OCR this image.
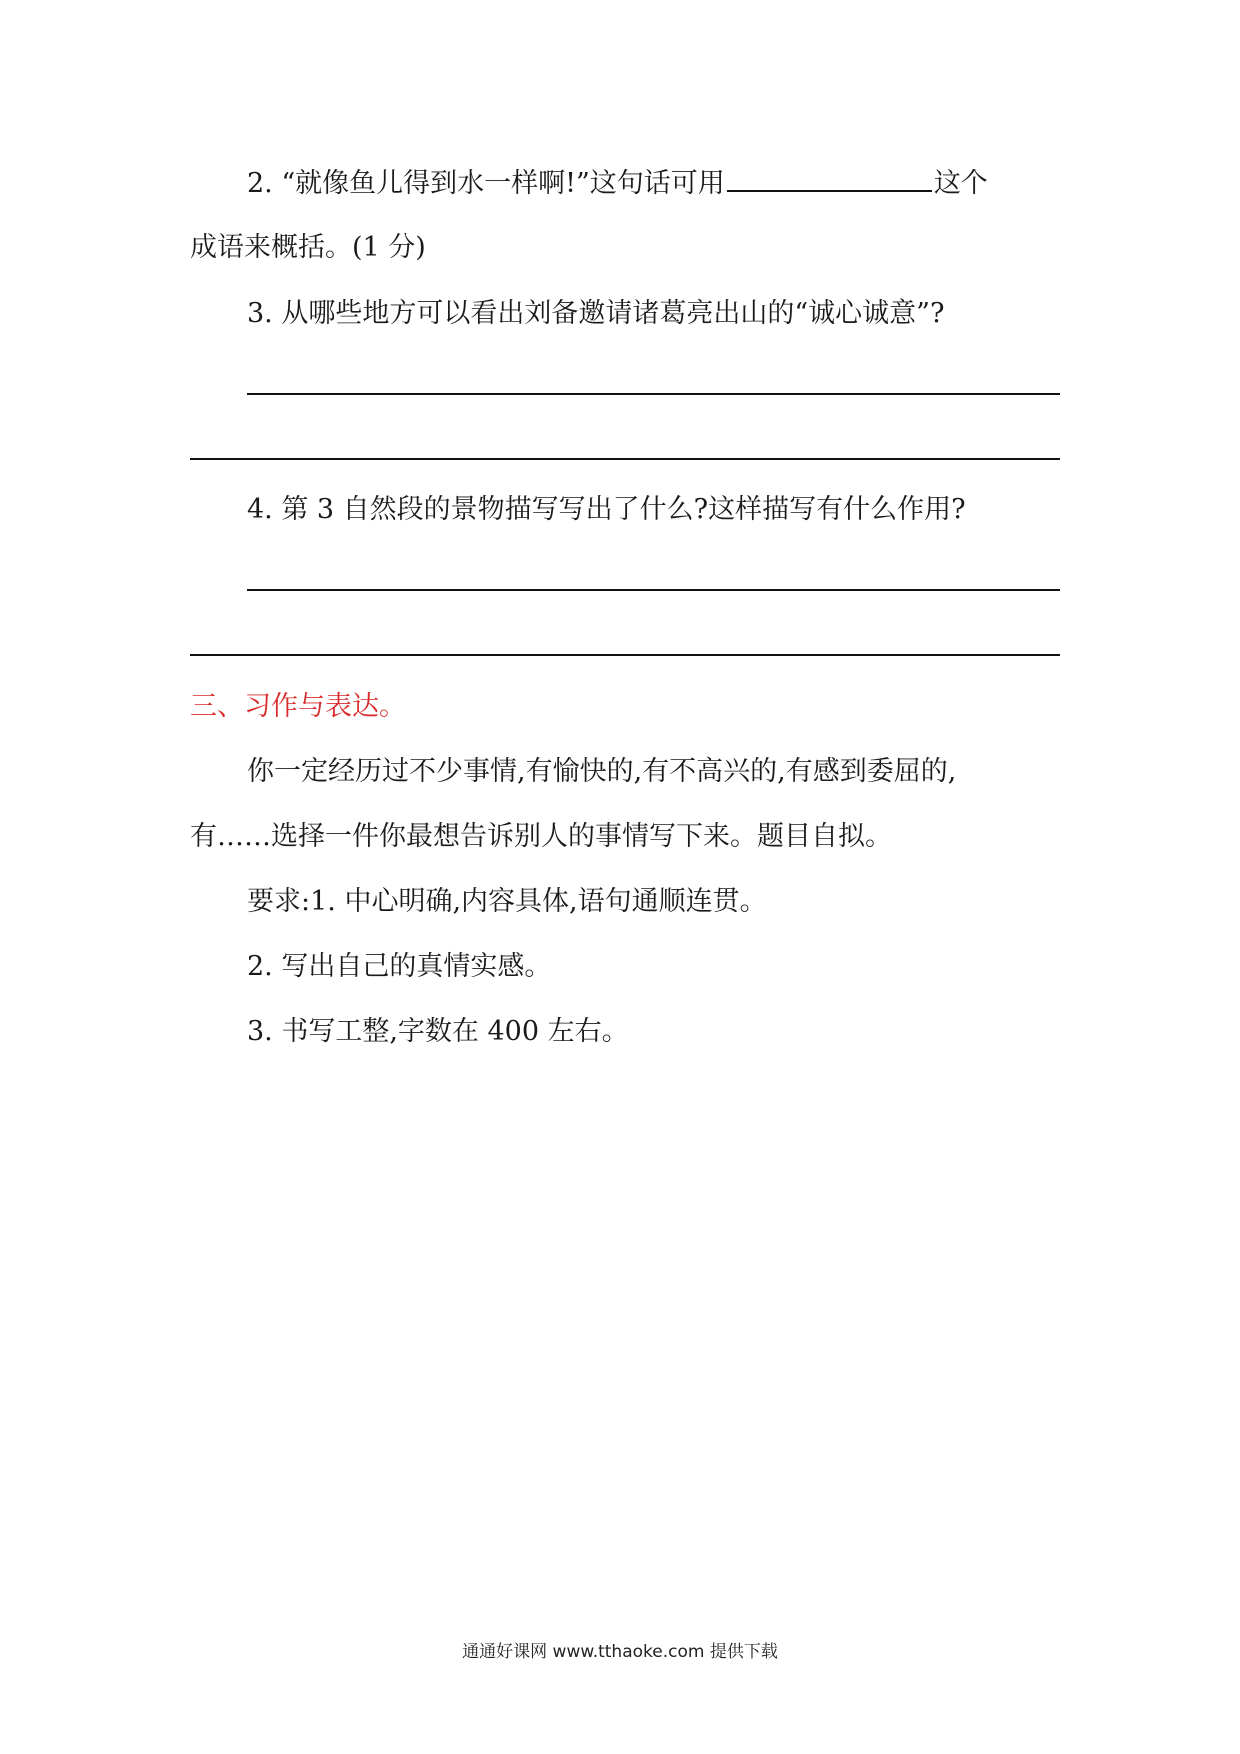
2. “就像鱼儿得到水一样啊!”这句话可用	这个
成语来概括。(1 分)
3. 从哪些地方可以看出刘备邀请诸葛亮出山的“诚心诚意”?
4. 第 3 自然段的景物描写写出了什么?这样描写有什么作用?
三、习作与表达。
你一定经历过不少事情,有愉快的,有不高兴的,有感到委屈的,
有……选择一件你最想告诉别人的事情写下来。题目自拟。
要求:1. 中心明确,内容具体,语句通顺连贯。
2. 写出自己的真情实感。
3. 书写工整,字数在 400 左右。
通通好课网 www.tthaoke.com 提供下载
